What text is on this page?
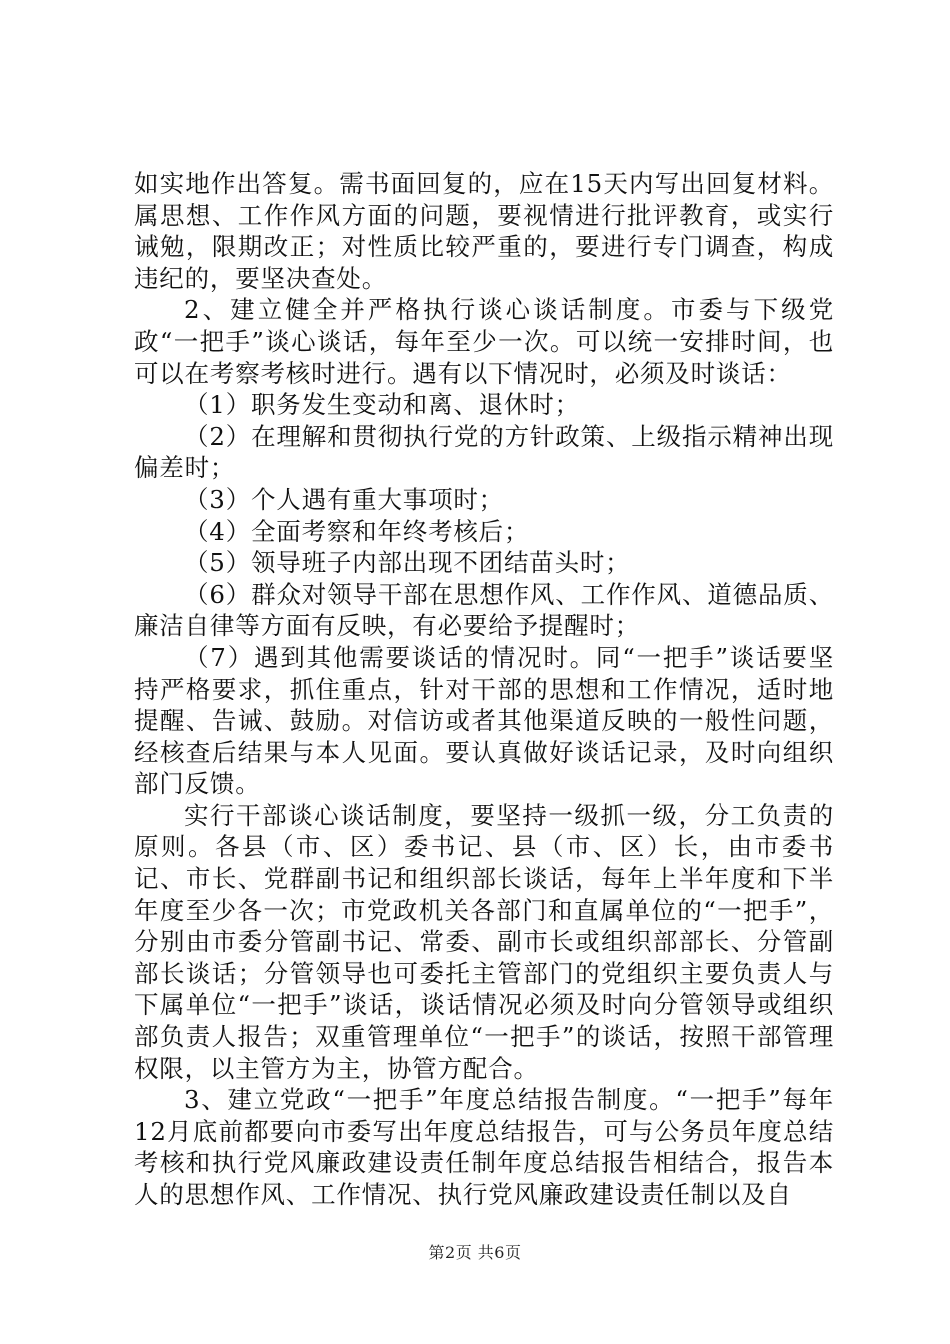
如实地作出答复。需书面回复的，应在15天内写出回复材料。属思想、工作作风方面的问题，要视情进行批评教育，或实行诫勉，限期改正；对性质比较严重的，要进行专门调查，构成违纪的，要坚决查处。

2、建立健全并严格执行谈心谈话制度。市委与下级党政“一把手”谈心谈话，每年至少一次。可以统一安排时间，也可以在考察考核时进行。遇有以下情况时，必须及时谈话：

（1）职务发生变动和离、退休时；

（2）在理解和贯彻执行党的方针政策、上级指示精神出现偏差时；

（3）个人遇有重大事项时；

（4）全面考察和年终考核后；

（5）领导班子内部出现不团结苗头时；

（6）群众对领导干部在思想作风、工作作风、道德品质、廉洁自律等方面有反映，有必要给予提醒时；

（7）遇到其他需要谈话的情况时。同“一把手”谈话要坚持严格要求，抓住重点，针对干部的思想和工作情况，适时地提醒、告诫、鼓励。对信访或者其他渠道反映的一般性问题，经核查后结果与本人见面。要认真做好谈话记录，及时向组织部门反馈。

实行干部谈心谈话制度，要坚持一级抓一级，分工负责的原则。各县（市、区）委书记、县（市、区）长，由市委书记、市长、党群副书记和组织部长谈话，每年上半年度和下半年度至少各一次；市党政机关各部门和直属单位的“一把手”，分别由市委分管副书记、常委、副市长或组织部部长、分管副部长谈话；分管领导也可委托主管部门的党组织主要负责人与下属单位“一把手”谈话，谈话情况必须及时向分管领导或组织部负责人报告；双重管理单位“一把手”的谈话，按照干部管理权限，以主管方为主，协管方配合。

3、建立党政“一把手”年度总结报告制度。“一把手”每年12月底前都要向市委写出年度总结报告，可与公务员年度总结考核和执行党风廉政建设责任制年度总结报告相结合，报告本人的思想作风、工作情况、执行党风廉政建设责任制以及自

第2页 共6页
